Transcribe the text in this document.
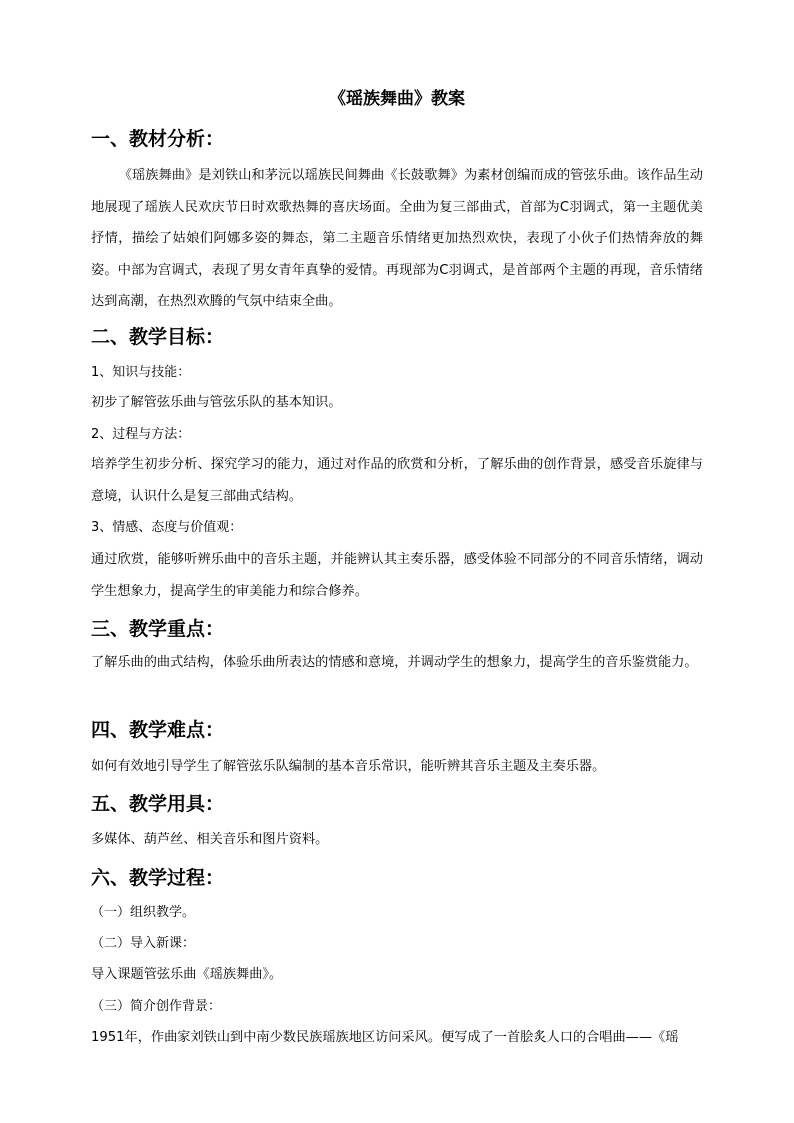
《瑶族舞曲》教案
一、教材分析：
《瑶族舞曲》是刘铁山和茅沅以瑶族民间舞曲《长鼓歌舞》为素材创编而成的管弦乐曲。该作品生动地展现了瑶族人民欢庆节日时欢歌热舞的喜庆场面。全曲为复三部曲式，首部为C羽调式，第一主题优美抒情，描绘了姑娘们阿娜多姿的舞态，第二主题音乐情绪更加热烈欢快，表现了小伙子们热情奔放的舞姿。中部为宫调式，表现了男女青年真挚的爱情。再现部为C羽调式，是首部两个主题的再现，音乐情绪达到高潮，在热烈欢腾的气氛中结束全曲。
二、教学目标：
1、知识与技能：
初步了解管弦乐曲与管弦乐队的基本知识。
2、过程与方法：
培养学生初步分析、探究学习的能力，通过对作品的欣赏和分析，了解乐曲的创作背景，感受音乐旋律与意境，认识什么是复三部曲式结构。
3、情感、态度与价值观：
通过欣赏，能够听辨乐曲中的音乐主题，并能辨认其主奏乐器，感受体验不同部分的不同音乐情绪，调动学生想象力，提高学生的审美能力和综合修养。
三、教学重点：
了解乐曲的曲式结构，体验乐曲所表达的情感和意境，并调动学生的想象力，提高学生的音乐鉴赏能力。
四、教学难点：
如何有效地引导学生了解管弦乐队编制的基本音乐常识，能听辨其音乐主题及主奏乐器。
五、教学用具：
多媒体、葫芦丝、相关音乐和图片资料。
六、教学过程：
（一）组织教学。
（二）导入新课：
导入课题管弦乐曲《瑶族舞曲》。
（三）简介创作背景：
1951年，作曲家刘铁山到中南少数民族瑶族地区访问采风。便写成了一首脍炙人口的合唱曲——《瑶
